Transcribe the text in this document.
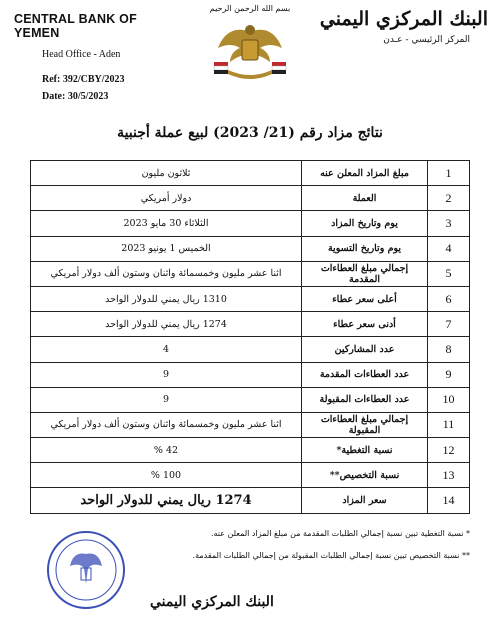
CENTRAL BANK OF YEMEN
Head Office - Aden
Ref: 392/CBY/2023
Date: 30/5/2023
بسم الله الرحمن الرحيم	البنك المركزي اليمني
المركز الرئيسي - عـدن
نتائج مزاد رقم (21/ 2023) لبيع عملة أجنبية
1	مبلغ المزاد المعلن عنه	ثلاثون مليون
2	العملة	دولار أمريكي
3	يوم وتاريخ المزاد	الثلاثاء 30 مايو 2023
4	يوم وتاريخ التسوية	الخميس 1 يونيو 2023
5	إجمالي مبلغ العطاءات المقدمة	اثنا عشر مليون وخمسمائة واثنان وستون ألف دولار أمريكي
6	أعلى سعر عطاء	1310 ريال يمني للدولار الواحد
7	أدنى سعر عطاء	1274 ريال يمني للدولار الواحد
8	عدد المشاركين	4
9	عدد العطاءات المقدمة	9
10	عدد العطاءات المقبولة	9
11	إجمالي مبلغ العطاءات المقبولة	اثنا عشر مليون وخمسمائة واثنان وستون ألف دولار أمريكي
12	نسبة التغطية*	42 %
13	نسبة التخصيص**	100 %
14	سعر المزاد	1274 ريال يمني للدولار الواحد
* نسبة التغطية تبين نسبة إجمالي الطلبات المقدمة من مبلغ المزاد المعلن عنه.
** نسبة التخصيص تبين نسبة إجمالي الطلبات المقبولة من إجمالي الطلبات المقدمة.
البنك المركزي اليمني
